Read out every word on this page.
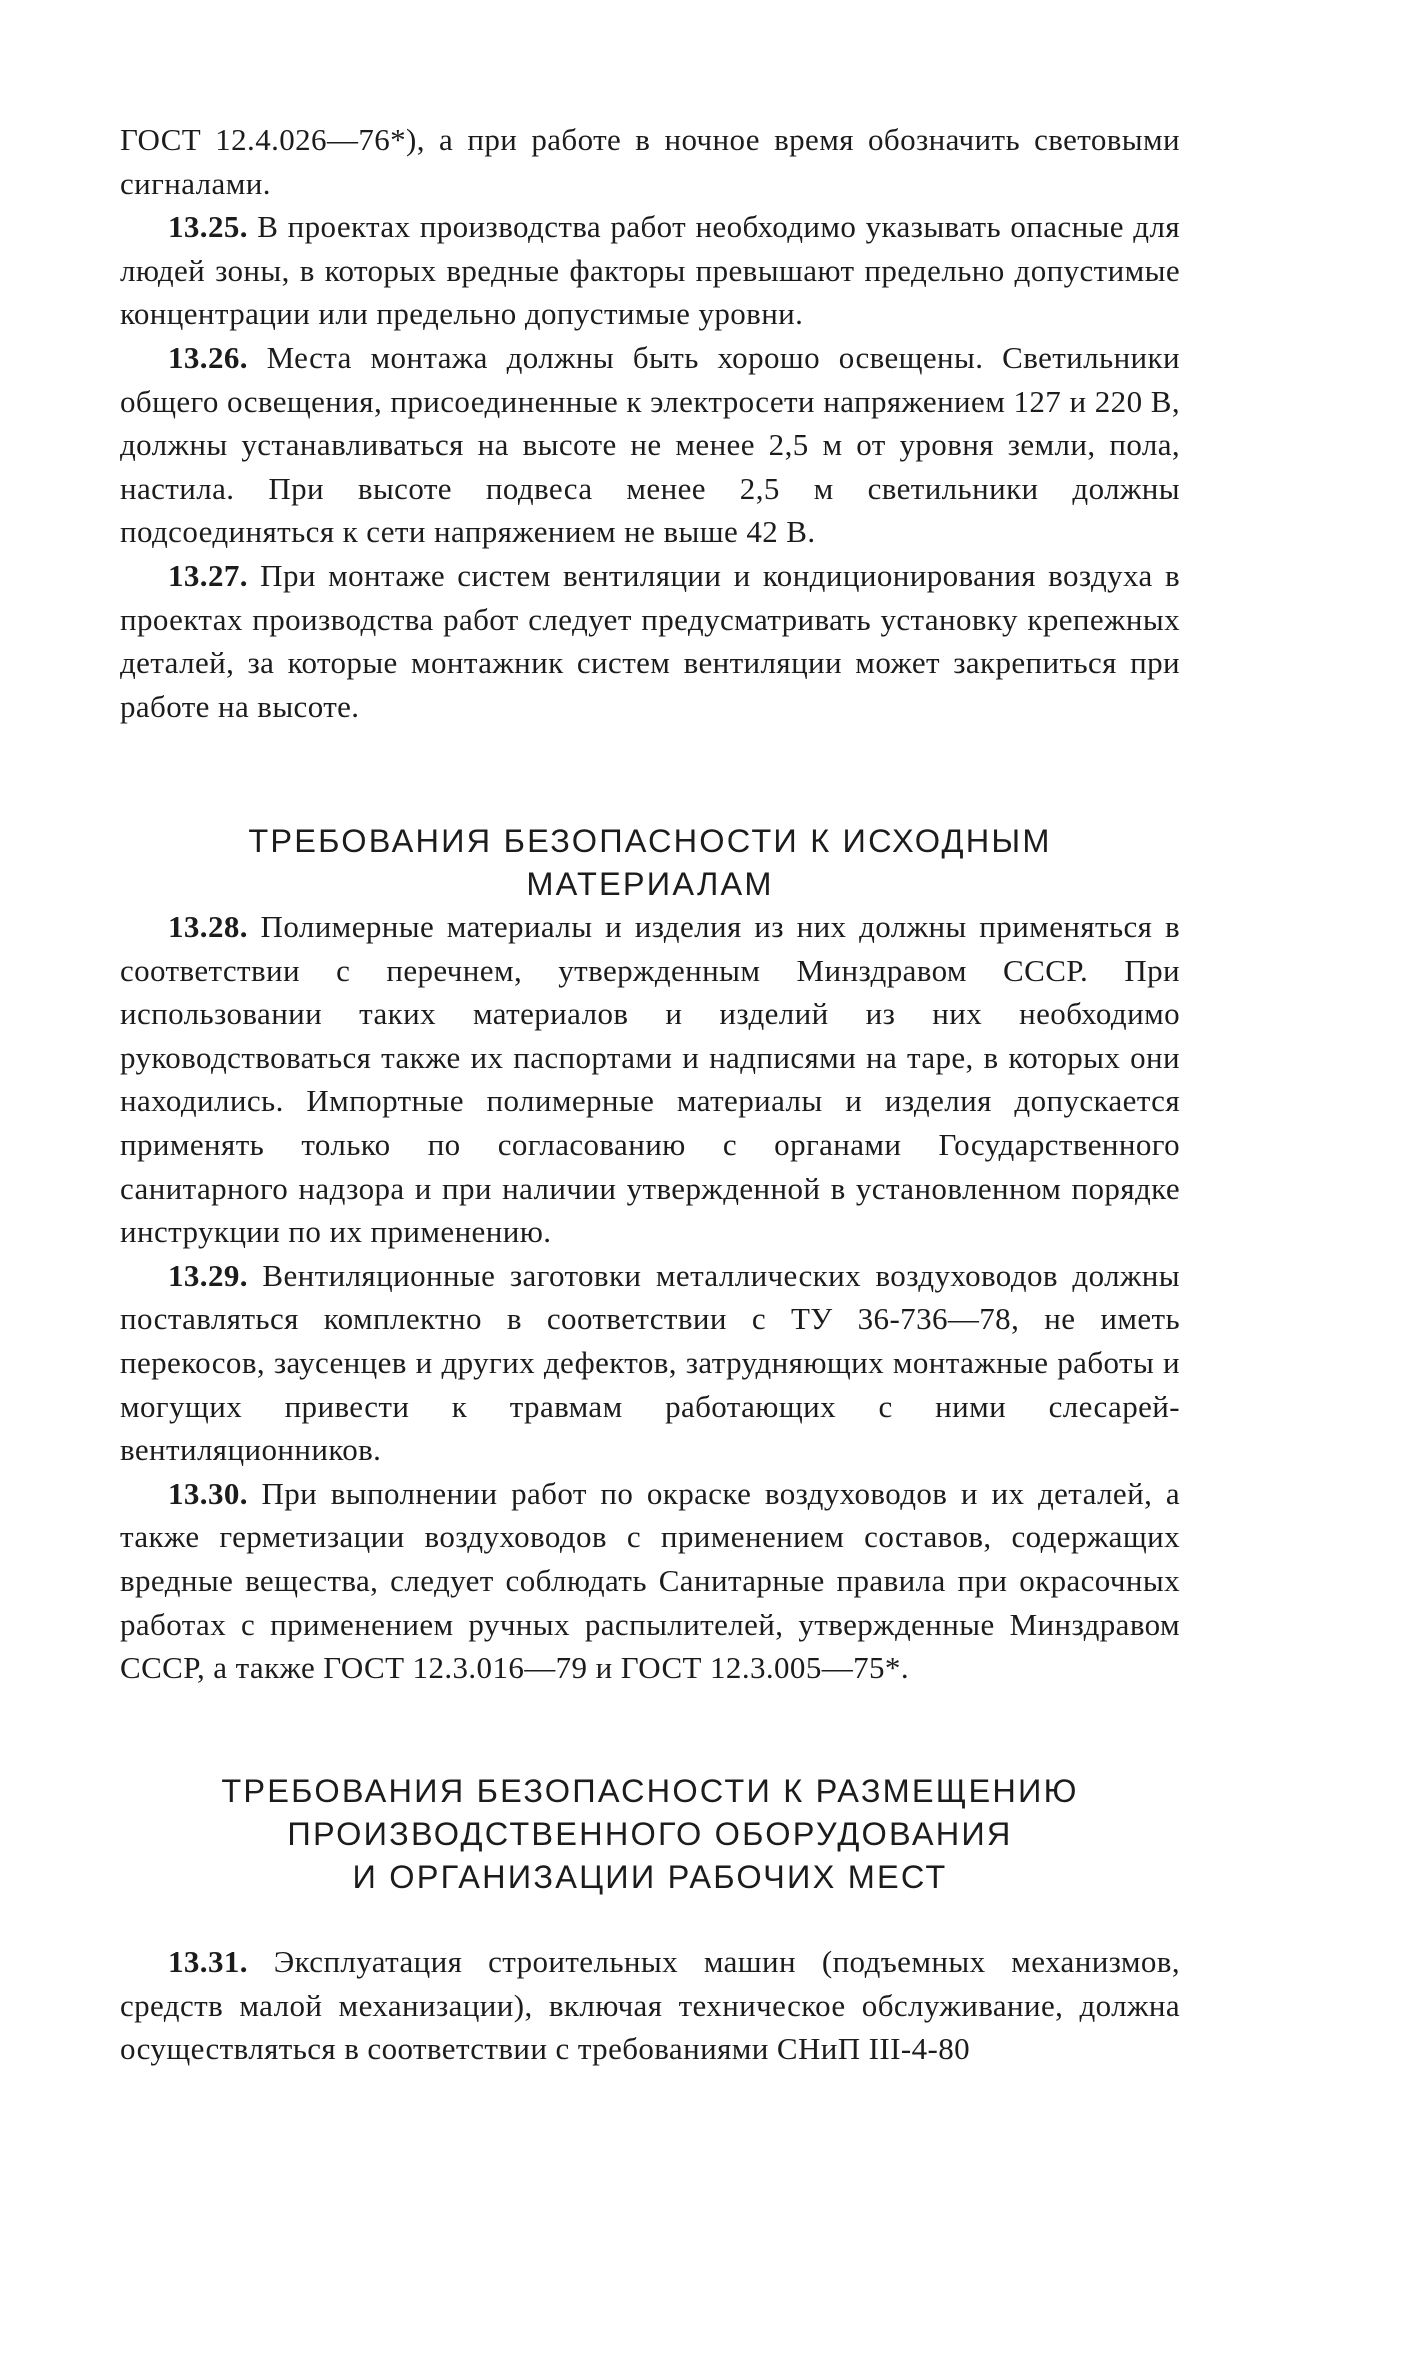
ГОСТ 12.4.026—76*), а при работе в ночное время обозначить световыми сигналами.

13.25. В проектах производства работ необходимо указывать опасные для людей зоны, в которых вредные факторы превышают предельно допустимые концентрации или предельно допустимые уровни.

13.26. Места монтажа должны быть хорошо освещены. Светильники общего освещения, присоединенные к электросети напряжением 127 и 220 В, должны устанавливаться на высоте не менее 2,5 м от уровня земли, пола, настила. При высоте подвеса менее 2,5 м светильники должны подсоединяться к сети напряжением не выше 42 В.

13.27. При монтаже систем вентиляции и кондиционирования воздуха в проектах производства работ следует предусматривать установку крепежных деталей, за которые монтажник систем вентиляции может закрепиться при работе на высоте.

ТРЕБОВАНИЯ БЕЗОПАСНОСТИ К ИСХОДНЫМ МАТЕРИАЛАМ

13.28. Полимерные материалы и изделия из них должны применяться в соответствии с перечнем, утвержденным Минздравом СССР. При использовании таких материалов и изделий из них необходимо руководствоваться также их паспортами и надписями на таре, в которых они находились. Импортные полимерные материалы и изделия допускается применять только по согласованию с органами Государственного санитарного надзора и при наличии утвержденной в установленном порядке инструкции по их применению.

13.29. Вентиляционные заготовки металлических воздуховодов должны поставляться комплектно в соответствии с ТУ 36-736—78, не иметь перекосов, заусенцев и других дефектов, затрудняющих монтажные работы и могущих привести к травмам работающих с ними слесарей-вентиляционников.

13.30. При выполнении работ по окраске воздуховодов и их деталей, а также герметизации воздуховодов с применением составов, содержащих вредные вещества, следует соблюдать Санитарные правила при окрасочных работах с применением ручных распылителей, утвержденные Минздравом СССР, а также ГОСТ 12.3.016—79 и ГОСТ 12.3.005—75*.

ТРЕБОВАНИЯ БЕЗОПАСНОСТИ К РАЗМЕЩЕНИЮ
ПРОИЗВОДСТВЕННОГО ОБОРУДОВАНИЯ
И ОРГАНИЗАЦИИ РАБОЧИХ МЕСТ

13.31. Эксплуатация строительных машин (подъемных механизмов, средств малой механизации), включая техническое обслуживание, должна осуществляться в соответствии с требованиями СНиП III-4-80
